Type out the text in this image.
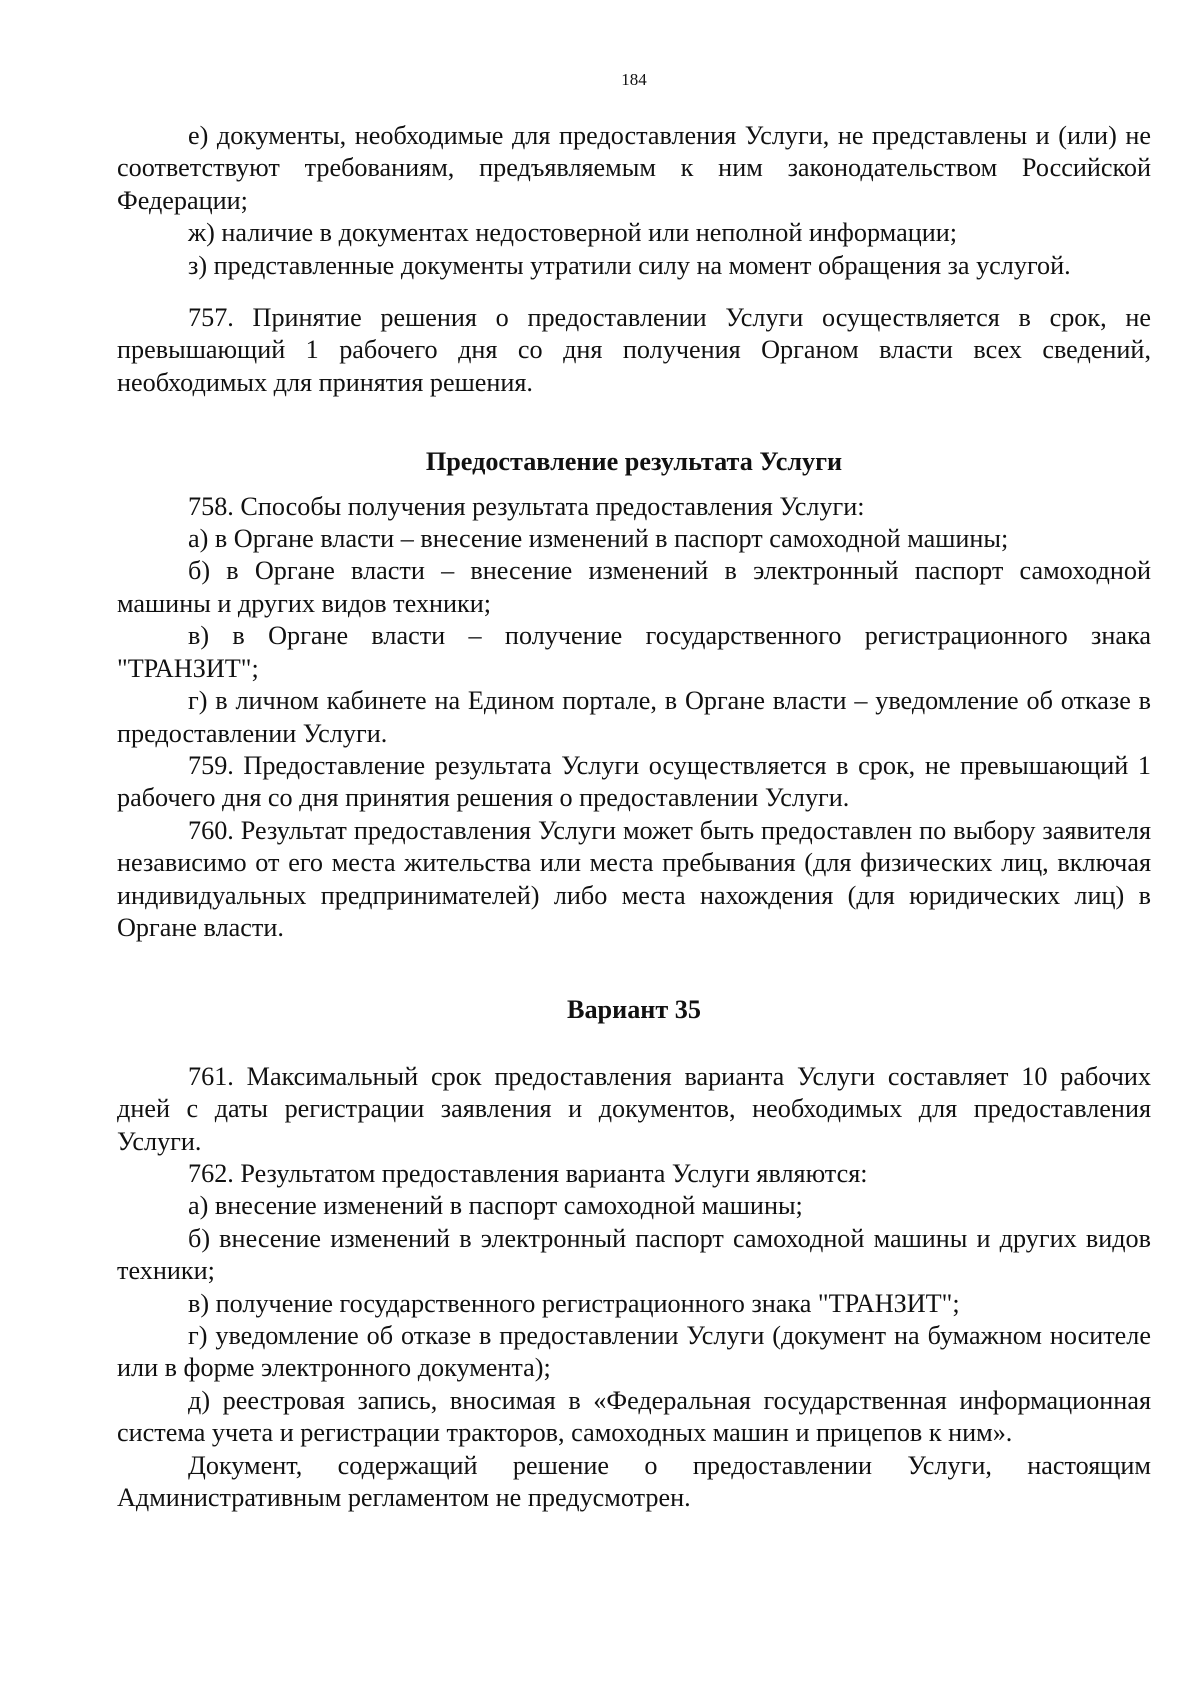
184

е) документы, необходимые для предоставления Услуги, не представлены и (или) не соответствуют требованиям, предъявляемым к ним законодательством Российской Федерации;

ж) наличие в документах недостоверной или неполной информации;

з) представленные документы утратили силу на момент обращения за услугой.

757. Принятие решения о предоставлении Услуги осуществляется в срок, не превышающий 1 рабочего дня со дня получения Органом власти всех сведений, необходимых для принятия решения.

Предоставление результата Услуги

758. Способы получения результата предоставления Услуги:

а) в Органе власти – внесение изменений в паспорт самоходной машины;

б) в Органе власти – внесение изменений в электронный паспорт самоходной машины и других видов техники;

в) в Органе власти – получение государственного регистрационного знака "ТРАНЗИТ";

г) в личном кабинете на Едином портале, в Органе власти – уведомление об отказе в предоставлении Услуги.

759. Предоставление результата Услуги осуществляется в срок, не превышающий 1 рабочего дня со дня принятия решения о предоставлении Услуги.

760. Результат предоставления Услуги может быть предоставлен по выбору заявителя независимо от его места жительства или места пребывания (для физических лиц, включая индивидуальных предпринимателей) либо места нахождения (для юридических лиц) в Органе власти.

Вариант 35

761. Максимальный срок предоставления варианта Услуги составляет 10 рабочих дней с даты регистрации заявления и документов, необходимых для предоставления Услуги.

762. Результатом предоставления варианта Услуги являются:

а) внесение изменений в паспорт самоходной машины;

б) внесение изменений в электронный паспорт самоходной машины и других видов техники;

в) получение государственного регистрационного знака "ТРАНЗИТ";

г) уведомление об отказе в предоставлении Услуги (документ на бумажном носителе или в форме электронного документа);

д) реестровая запись, вносимая в «Федеральная государственная информационная система учета и регистрации тракторов, самоходных машин и прицепов к ним».

Документ, содержащий решение о предоставлении Услуги, настоящим Административным регламентом не предусмотрен.
